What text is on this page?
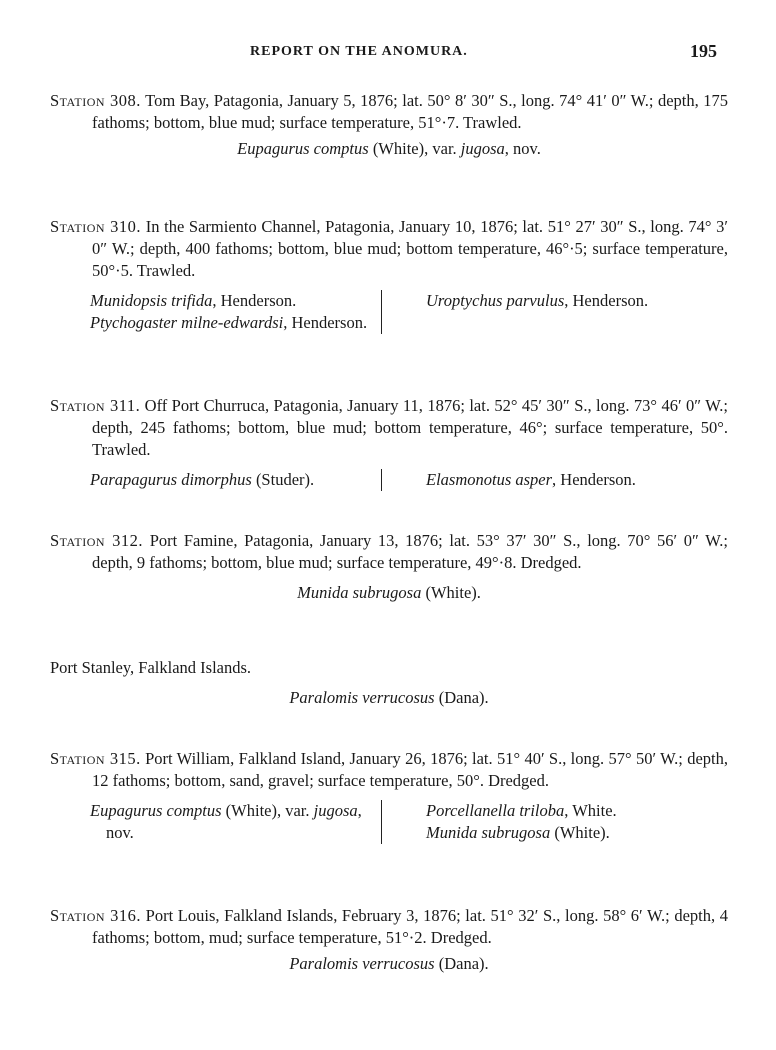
REPORT ON THE ANOMURA.	195

Station 308. Tom Bay, Patagonia, January 5, 1876; lat. 50° 8′ 30″ S., long. 74° 41′ 0″ W.; depth, 175 fathoms; bottom, blue mud; surface temperature, 51°·7. Trawled.

Eupagurus comptus (White), var. jugosa, nov.

Station 310. In the Sarmiento Channel, Patagonia, January 10, 1876; lat. 51° 27′ 30″ S., long. 74° 3′ 0″ W.; depth, 400 fathoms; bottom, blue mud; bottom temperature, 46°·5; surface temperature, 50°·5. Trawled.

Munidopsis trifida, Henderson.
Ptychogaster milne-edwardsi, Henderson.
Uroptychus parvulus, Henderson.

Station 311. Off Port Churruca, Patagonia, January 11, 1876; lat. 52° 45′ 30″ S., long. 73° 46′ 0″ W.; depth, 245 fathoms; bottom, blue mud; bottom temperature, 46°; surface temperature, 50°. Trawled.

Parapagurus dimorphus (Studer).	Elasmonotus asper, Henderson.

Station 312. Port Famine, Patagonia, January 13, 1876; lat. 53° 37′ 30″ S., long. 70° 56′ 0″ W.; depth, 9 fathoms; bottom, blue mud; surface temperature, 49°·8. Dredged.

Munida subrugosa (White).

Port Stanley, Falkland Islands.

Paralomis verrucosus (Dana).

Station 315. Port William, Falkland Island, January 26, 1876; lat. 51° 40′ S., long. 57° 50′ W.; depth, 12 fathoms; bottom, sand, gravel; surface temperature, 50°. Dredged.

Eupagurus comptus (White), var. jugosa, nov.
Porcellanella triloba, White.
Munida subrugosa (White).

Station 316. Port Louis, Falkland Islands, February 3, 1876; lat. 51° 32′ S., long. 58° 6′ W.; depth, 4 fathoms; bottom, mud; surface temperature, 51°·2. Dredged.

Paralomis verrucosus (Dana).
